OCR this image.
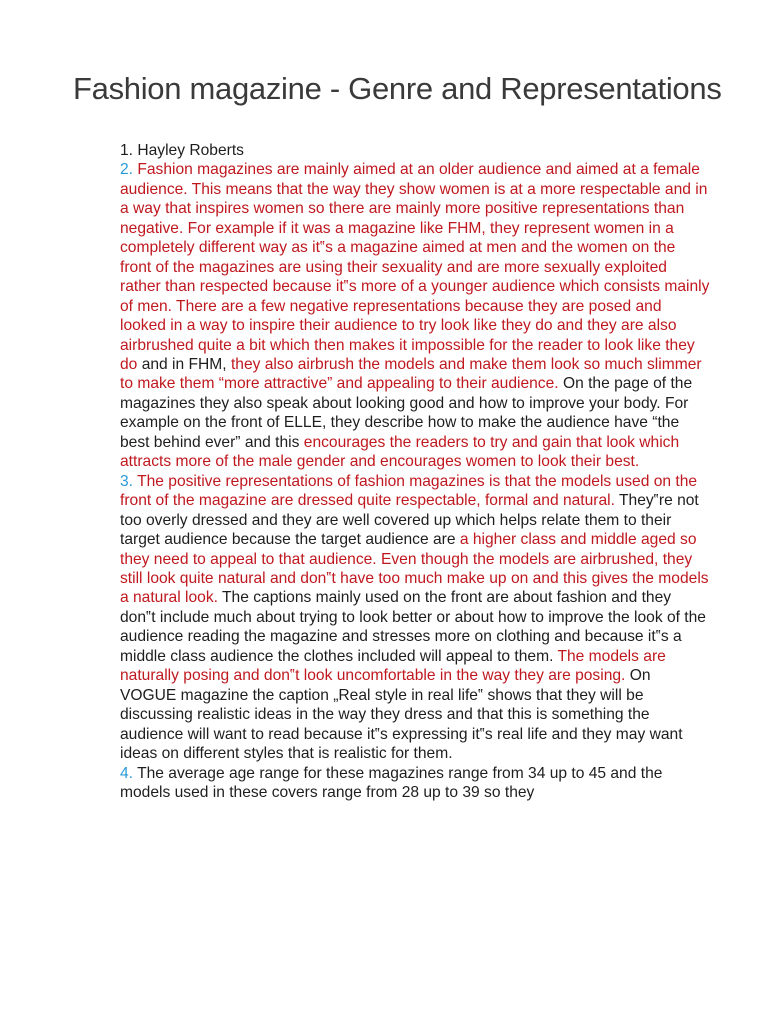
Fashion magazine - Genre and Representations

1. Hayley Roberts

2. Fashion magazines are mainly aimed at an older audience and aimed at a female audience. This means that the way they show women is at a more respectable and in a way that inspires women so there are mainly more positive representations than negative. For example if it was a magazine like FHM, they represent women in a completely different way as it‟s a magazine aimed at men and the women on the front of the magazines are using their sexuality and are more sexually exploited rather than respected because it‟s more of a younger audience which consists mainly of men. There are a few negative representations because they are posed and looked in a way to inspire their audience to try look like they do and they are also airbrushed quite a bit which then makes it impossible for the reader to look like they do and in FHM, they also airbrush the models and make them look so much slimmer to make them “more attractive” and appealing to their audience. On the page of the magazines they also speak about looking good and how to improve your body. For example on the front of ELLE, they describe how to make the audience have “the best behind ever” and this encourages the readers to try and gain that look which attracts more of the male gender and encourages women to look their best.

3. The positive representations of fashion magazines is that the models used on the front of the magazine are dressed quite respectable, formal and natural. They‟re not too overly dressed and they are well covered up which helps relate them to their target audience because the target audience are a higher class and middle aged so they need to appeal to that audience. Even though the models are airbrushed, they still look quite natural and don‟t have too much make up on and this gives the models a natural look. The captions mainly used on the front are about fashion and they don‟t include much about trying to look better or about how to improve the look of the audience reading the magazine and stresses more on clothing and because it‟s a middle class audience the clothes included will appeal to them. The models are naturally posing and don‟t look uncomfortable in the way they are posing. On VOGUE magazine the caption „Real style in real life‟ shows that they will be discussing realistic ideas in the way they dress and that this is something the audience will want to read because it‟s expressing it‟s real life and they may want ideas on different styles that is realistic for them.

4. The average age range for these magazines range from 34 up to 45 and the models used in these covers range from 28 up to 39 so they
